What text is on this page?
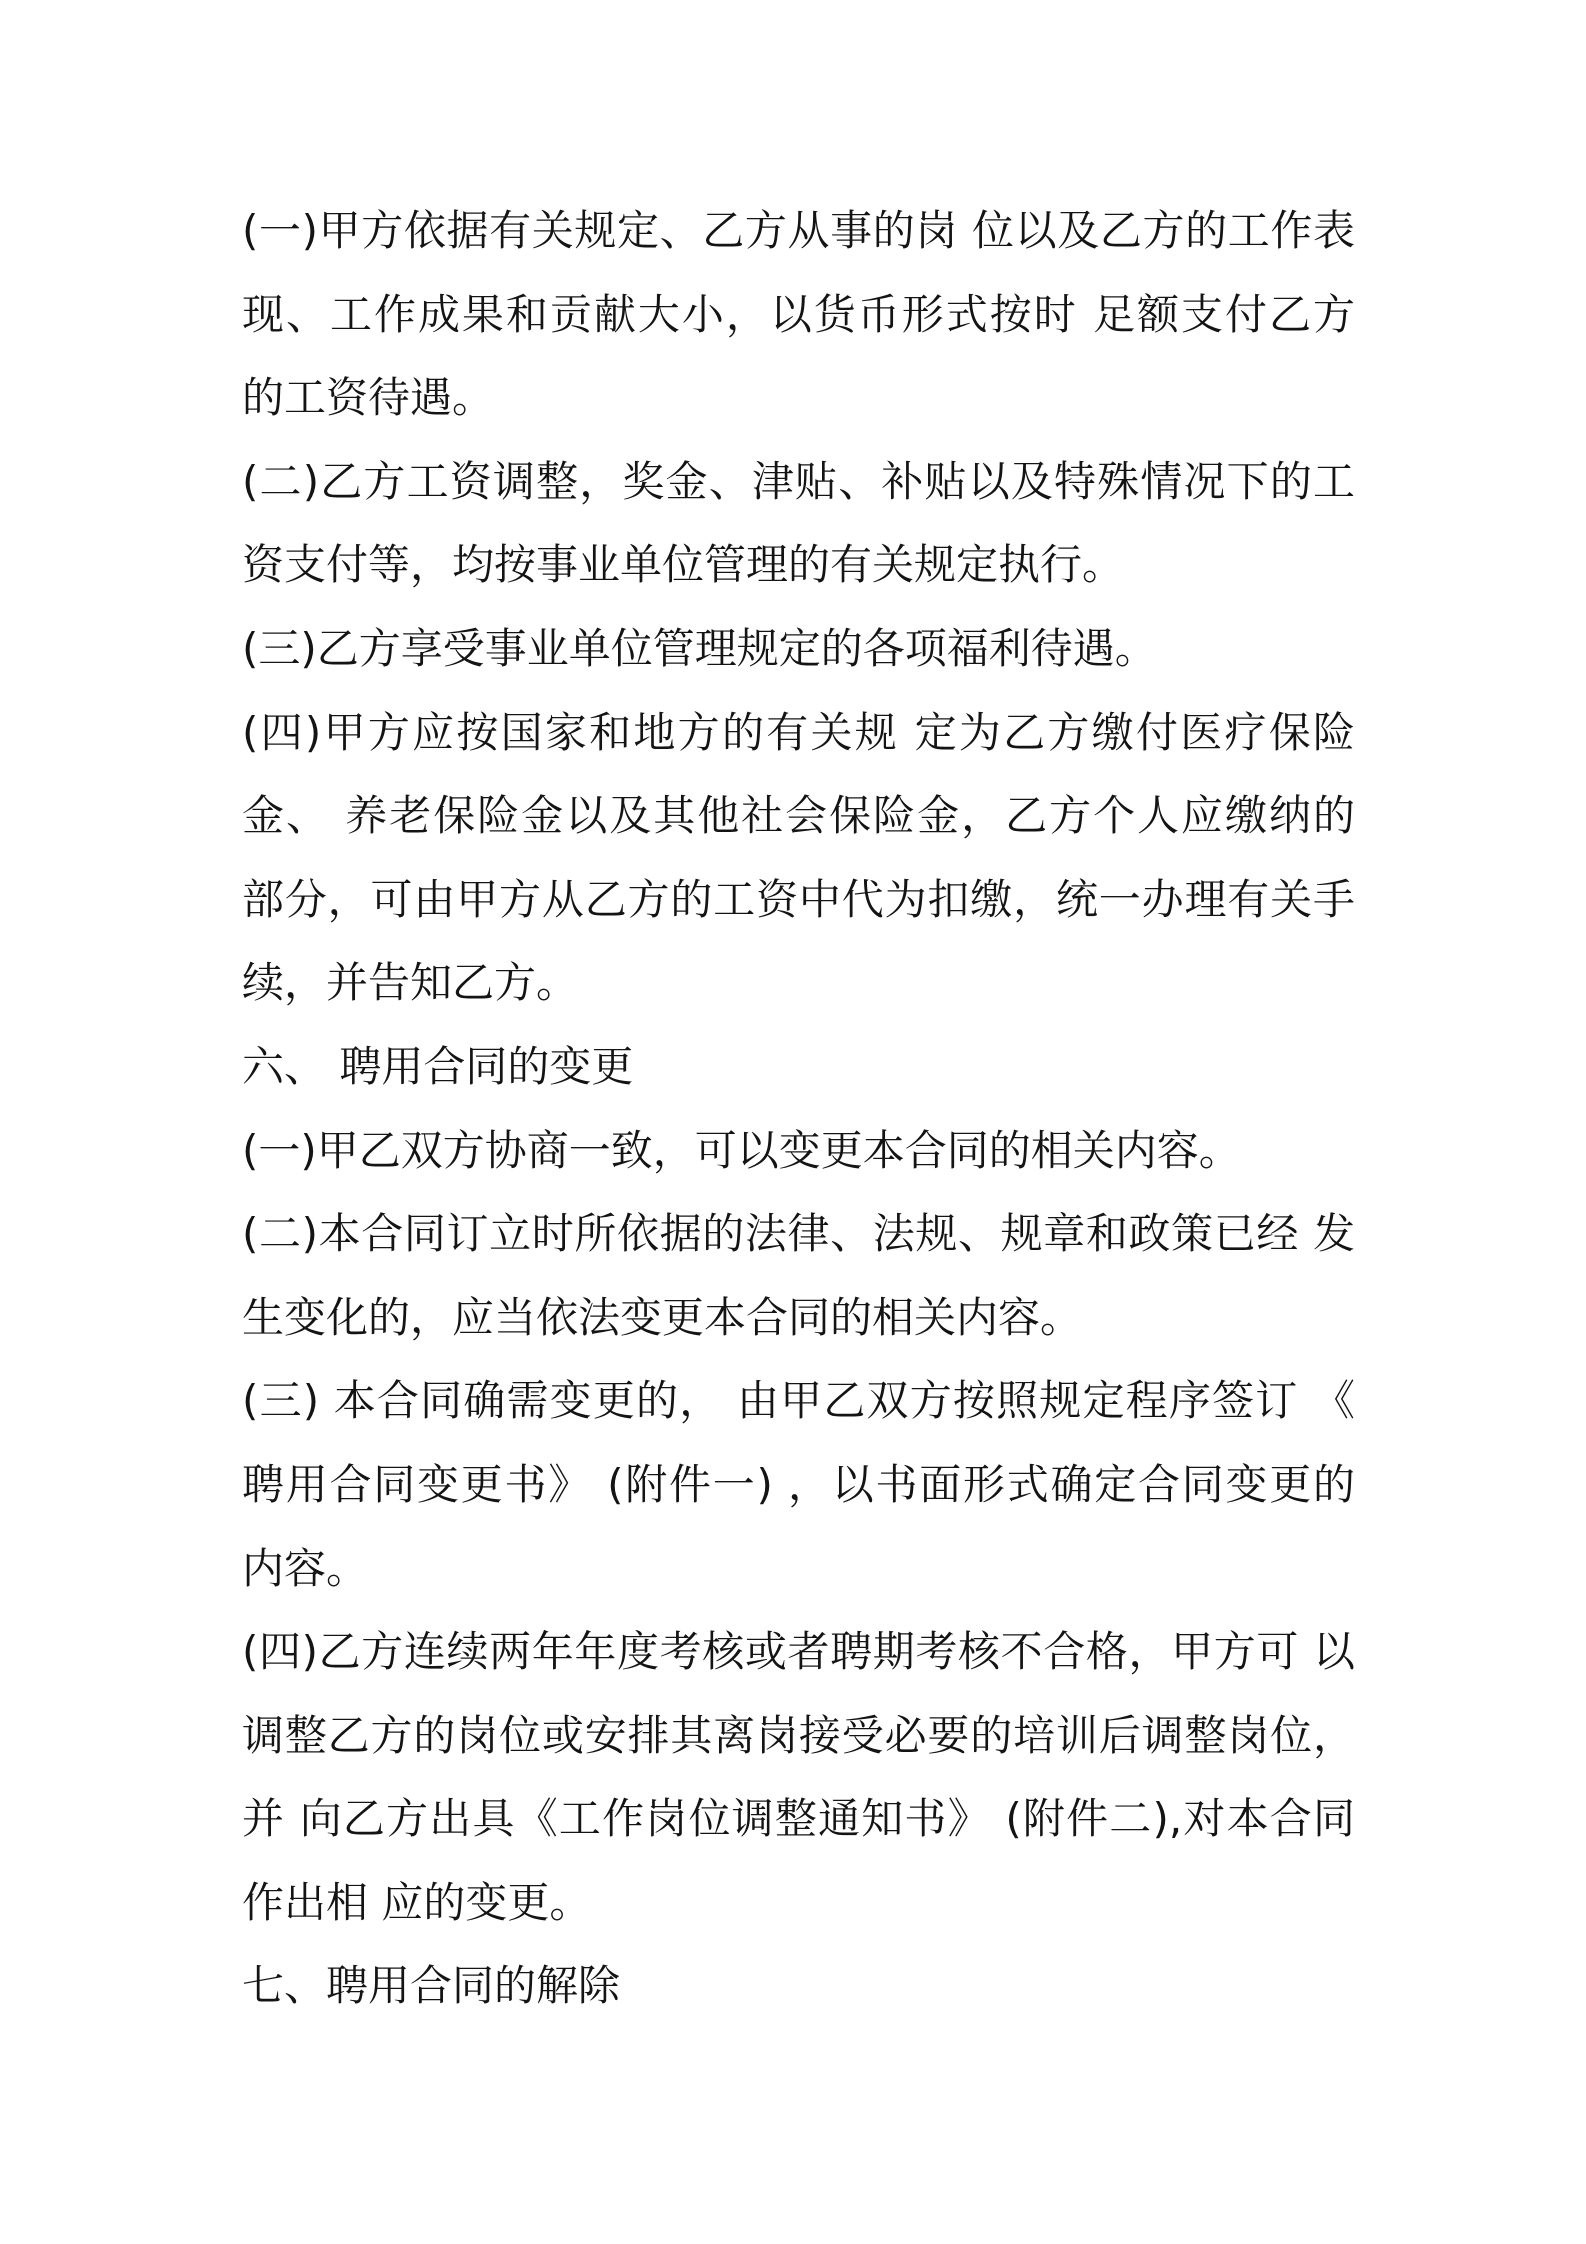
(一)甲方依据有关规定、乙方从事的岗 位以及乙方的工作表
现、工作成果和贡献大小，以货币形式按时 足额支付乙方
的工资待遇。
(二)乙方工资调整，奖金、津贴、补贴以及特殊情况下的工
资支付等，均按事业单位管理的有关规定执行。
(三)乙方享受事业单位管理规定的各项福利待遇。
(四)甲方应按国家和地方的有关规 定为乙方缴付医疗保险
金、 养老保险金以及其他社会保险金，乙方个人应缴纳的
部分，可由甲方从乙方的工资中代为扣缴，统一办理有关手
续，并告知乙方。
六、 聘用合同的变更
(一)甲乙双方协商一致，可以变更本合同的相关内容。
(二)本合同订立时所依据的法律、法规、规章和政策已经 发
生变化的，应当依法变更本合同的相关内容。
(三) 本合同确需变更的， 由甲乙双方按照规定程序签订 《
聘用合同变更书》 (附件一) ，以书面形式确定合同变更的
内容。
(四)乙方连续两年年度考核或者聘期考核不合格，甲方可 以
调整乙方的岗位或安排其离岗接受必要的培训后调整岗位，
并 向乙方出具《工作岗位调整通知书》 (附件二),对本合同
作出相 应的变更。
七、聘用合同的解除
